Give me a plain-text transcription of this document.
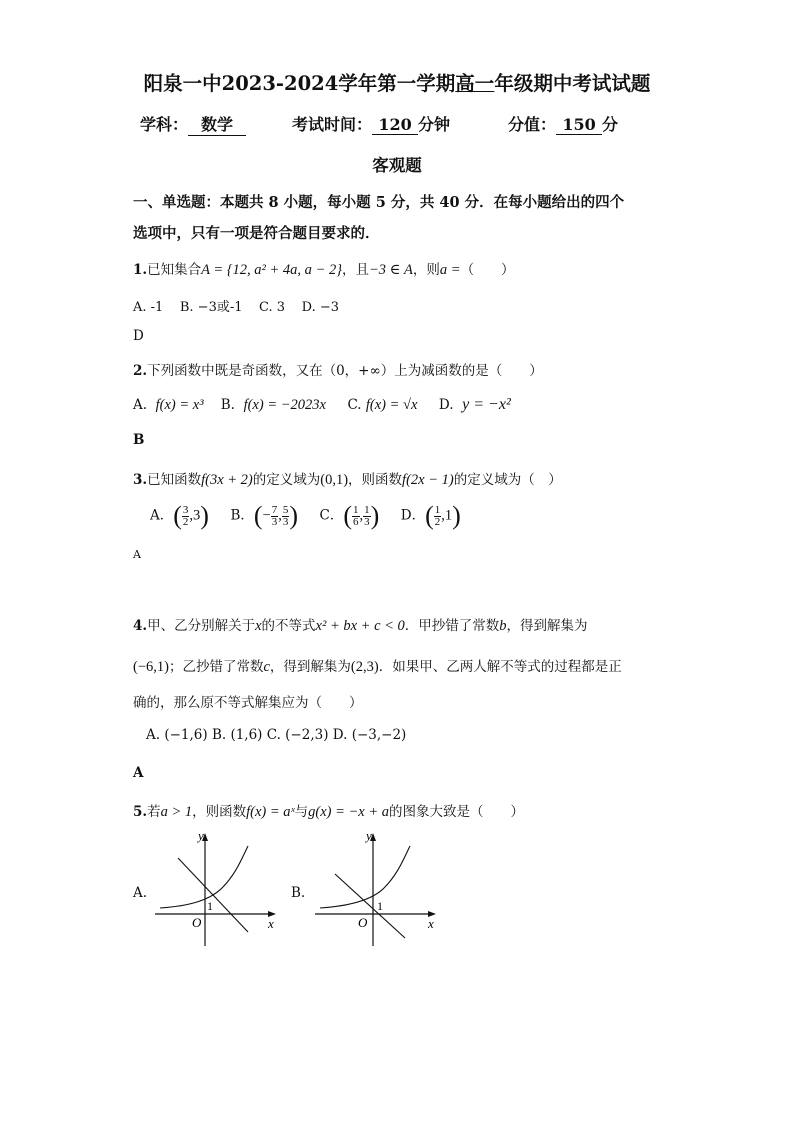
阳泉一中2023-2024学年第一学期高一年级期中考试试题
学科： 数学	考试时间： 120 分钟	分值： 150 分
客观题
一、单选题：本题共 8 小题，每小题 5 分，共 40 分．在每小题给出的四个
选项中，只有一项是符合题目要求的．
1.已知集合A = {12, a² + 4a, a − 2}，且−3 ∈ A，则a =（　　）
A. -1 B. −3或-1 C. 3 D. −3
D
2.下列函数中既是奇函数，又在（0，+∞）上为减函数的是（　　）
A. f(x) = x³ B. f(x) = −2023x C. f(x) = √x D. y = −x²
B
3.已知函数f(3x + 2)的定义域为(0,1)，则函数f(2x − 1)的定义域为（　）
A．( $\frac{3}{2} ,3$) B．(− $\frac{7}{3}$ , $\frac{5}{3}$ ) C．( $\frac{1}{6}$ , $\frac{1}{3}$ ) D．( $\frac{1}{2} ,1$)
A
4.甲、乙分别解关于x的不等式x² + bx + c < 0．甲抄错了常数b，得到解集为
(−6,1)；乙抄错了常数c，得到解集为(2,3)．如果甲、乙两人解不等式的过程都是正
确的，那么原不等式解集应为（　　）
A. (−1,6) B. (1,6) C. (−2,3) D. (−3,−2)
A
5.若a > 1，则函数f(x) = aˣ与g(x) = −x + a的图象大致是（　　）
A.	B.
y
x
O
1
y
x
O
1
